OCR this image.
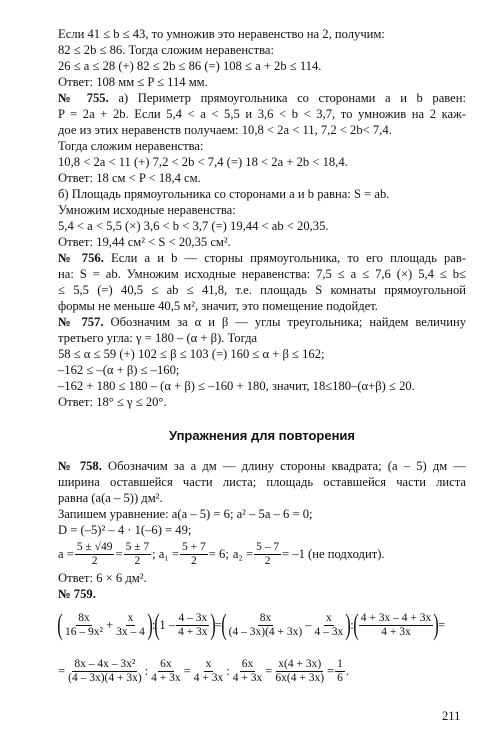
Если 41 ≤ b ≤ 43, то умножив это неравенство на 2, получим:
82 ≤ 2b ≤ 86. Тогда сложим неравенства:
26 ≤ a ≤ 28 (+) 82 ≤ 2b ≤ 86 (=) 108 ≤ a + 2b ≤ 114.
Ответ: 108 мм ≤ P ≤ 114 мм.
№ 755. а) Периметр прямоугольника со сторонами a и b равен:
P = 2a + 2b. Если 5,4 < a < 5,5 и 3,6 < b < 3,7, то умножив на 2 каж-
дое из этих неравенств получаем: 10,8 < 2a < 11, 7,2 < 2b< 7,4.
Тогда сложим неравенства:
10,8 < 2a < 11 (+) 7,2 < 2b < 7,4 (=) 18 < 2a + 2b < 18,4.
Ответ: 18 см < P < 18,4 см.
б) Площадь прямоугольника со сторонами a и b равна: S = ab.
Умножим исходные неравенства:
5,4 < a < 5,5 (×) 3,6 < b < 3,7 (=) 19,44 < ab < 20,35.
Ответ: 19,44 см² < S < 20,35 см².
№ 756. Если a и b — сторны прямоугольника, то его площадь рав-
на: S = ab. Умножим исходные неравенства: 7,5 ≤ a ≤ 7,6 (×) 5,4 ≤ b≤
≤ 5,5 (=) 40,5 ≤ ab ≤ 41,8, т.е. площадь S комнаты прямоугольной
формы не меньше 40,5 м², значит, это помещение подойдет.
№ 757. Обозначим за α и β — углы треугольника; найдем величину
третьего угла: γ = 180 – (α + β). Тогда
58 ≤ α ≤ 59 (+) 102 ≤ β ≤ 103 (=) 160 ≤ α + β ≤ 162;
–162 ≤ –(α + β) ≤ –160;
–162 + 180 ≤ 180 – (α + β) ≤ –160 + 180, значит, 18≤180–(α+β) ≤ 20.
Ответ: 18° ≤ γ ≤ 20°.
Упражнения для повторения
№ 758. Обозначим за a дм — длину стороны квадрата; (a – 5) дм —
ширина оставшейся части листа; площадь оставшейся части листа
равна (a(a – 5)) дм².
Запишем уравнение: a(a – 5) = 6; a² – 5a – 6 = 0;
D = (–5)² – 4 · 1(–6) = 49;
$a = \frac{5 \pm √49}{2} = \frac{5 \pm 7}{2}$ ; $a_1 = \frac{5 + 7}{2} = 6$; $a_2 = \frac{5 - 7}{2} = -1$ (не подходит).
Ответ: 6 × 6 дм².
№ 759.
( $\frac{8x}{\text{16 – 9x²}} + \frac{x}{3x - 4}$ ) : ( $1 - \frac{4 - 3x}{4 + 3x}$ ) = ( $\frac{8x}{(4 - 3x)(4 + 3x)} - \frac{x}{4 - 3x}$ ) : ( $\frac{4 + 3x - 4 + 3x}{4 + 3x}$ ) =
= $\frac{\text{8x – 4x – 3x²}}{(4 - 3x)(4 + 3x)}$ : $\frac{6x}{4 + 3x} = \frac{x}{4 + 3x}$ : $\frac{6x}{4 + 3x} = \frac{x(4 + 3x)}{6x(4 + 3x)} = \frac{1}{6}$ .
211
